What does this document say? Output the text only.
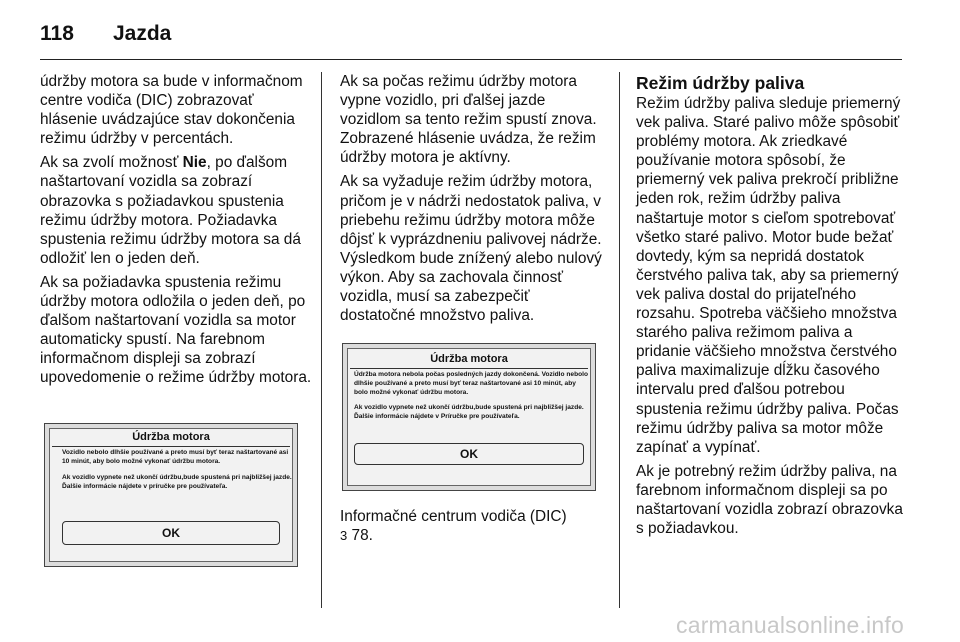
118 Jazda

údržby motora sa bude v informačnom centre vodiča (DIC) zobrazovať hlásenie uvádzajúce stav dokončenia režimu údržby v percentách.

Ak sa zvolí možnosť Nie, po ďalšom naštartovaní vozidla sa zobrazí obrazovka s požiadavkou spustenia režimu údržby motora. Požiadavka spustenia režimu údržby motora sa dá odložiť len o jeden deň.

Ak sa požiadavka spustenia režimu údržby motora odložila o jeden deň, po ďalšom naštartovaní vozidla sa motor automaticky spustí. Na farebnom informačnom displeji sa zobrazí upovedomenie o režime údržby motora.

Údržba motora
Vozidlo nebolo dlhšie používané a preto musí byť teraz naštartované asi 10 minút, aby bolo možné vykonať údržbu motora.
Ak vozidlo vypnete než ukončí údržbu,bude spustená pri najbližšej jazde. Ďalšie informácie nájdete v príručke pre používateľa.
OK

Ak sa počas režimu údržby motora vypne vozidlo, pri ďalšej jazde vozidlom sa tento režim spustí znova. Zobrazené hlásenie uvádza, že režim údržby motora je aktívny.

Ak sa vyžaduje režim údržby motora, pričom je v nádrži nedostatok paliva, v priebehu režimu údržby motora môže dôjsť k vyprázdneniu palivovej nádrže. Výsledkom bude znížený alebo nulový výkon. Aby sa zachovala činnosť vozidla, musí sa zabezpečiť dostatočné množstvo paliva.

Údržba motora
Údržba motora nebola počas posledných jazdy dokončená. Vozidlo nebolo dlhšie používané a preto musí byť teraz naštartované asi 10 minút, aby bolo možné vykonať údržbu motora.
Ak vozidlo vypnete než ukončí údržbu,bude spustená pri najbližšej jazde. Ďalšie informácie nájdete v Príručke pre používateľa.
OK

Informačné centrum vodiča (DIC)

3 78.

Režim údržby paliva

Režim údržby paliva sleduje priemerný vek paliva. Staré palivo môže spôsobiť problémy motora. Ak zriedkavé používanie motora spôsobí, že priemerný vek paliva prekročí približne jeden rok, režim údržby paliva naštartuje motor s cieľom spotrebovať všetko staré palivo. Motor bude bežať dovtedy, kým sa nepridá dostatok čerstvého paliva tak, aby sa priemerný vek paliva dostal do prijateľného rozsahu. Spotreba väčšieho množstva starého paliva režimom paliva a pridanie väčšieho množstva čerstvého paliva maximalizuje dĺžku časového intervalu pred ďalšou potrebou spustenia režimu údržby paliva. Počas režimu údržby paliva sa motor môže zapínať a vypínať.

Ak je potrebný režim údržby paliva, na farebnom informačnom displeji sa po naštartovaní vozidla zobrazí obrazovka s požiadavkou.

carmanualsonline.info
